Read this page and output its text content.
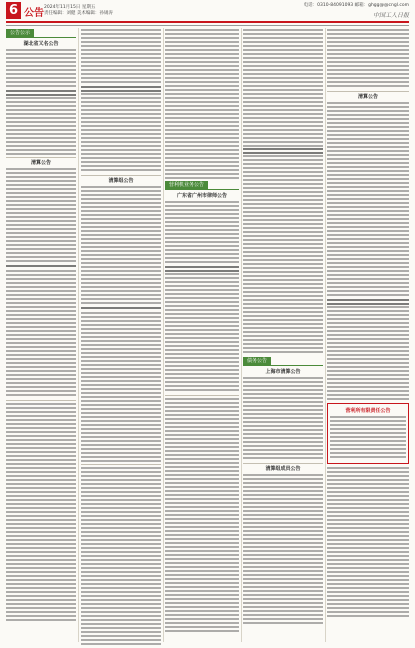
6 公告
2024年11月15日 星期五
责任编辑：刘健 美术编辑：孙锡涛
电话：0310-84091093 邮箱：ghgg@@cngl.com
中国工人日报
公告公示
湖北省又名公告
清算公告
清算组公告
营利机业务公告
广东省广州市律师公告
债务公告
上海市清算公告
清算组成员公告
清算公告
营利所有限责任公告
